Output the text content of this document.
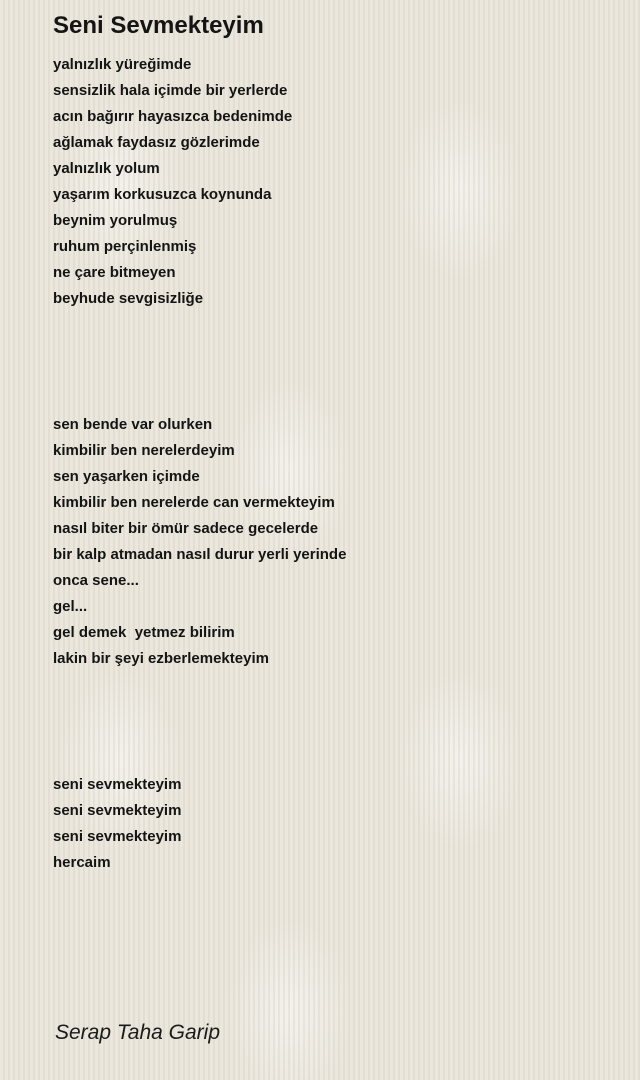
Seni Sevmekteyim
yalnızlık yüreğimde
sensizlik hala içimde bir yerlerde
acın bağırır hayasızca bedenimde
ağlamak faydasız gözlerimde
yalnızlık yolum
yaşarım korkusuzca koynunda
beynim yorulmuş
ruhum perçinlenmiş
ne çare bitmeyen
beyhude sevgisizliğe
sen bende var olurken
kimbilir ben nerelerdeyim
sen yaşarken içimde
kimbilir ben nerelerde can vermekteyim
nasıl biter bir ömür sadece gecelerde
bir kalp atmadan nasıl durur yerli yerinde
onca sene...
gel...
gel demek  yetmez bilirim
lakin bir şeyi ezberlemekteyim
seni sevmekteyim
seni sevmekteyim
seni sevmekteyim
hercaim

Serap Taha Garip
